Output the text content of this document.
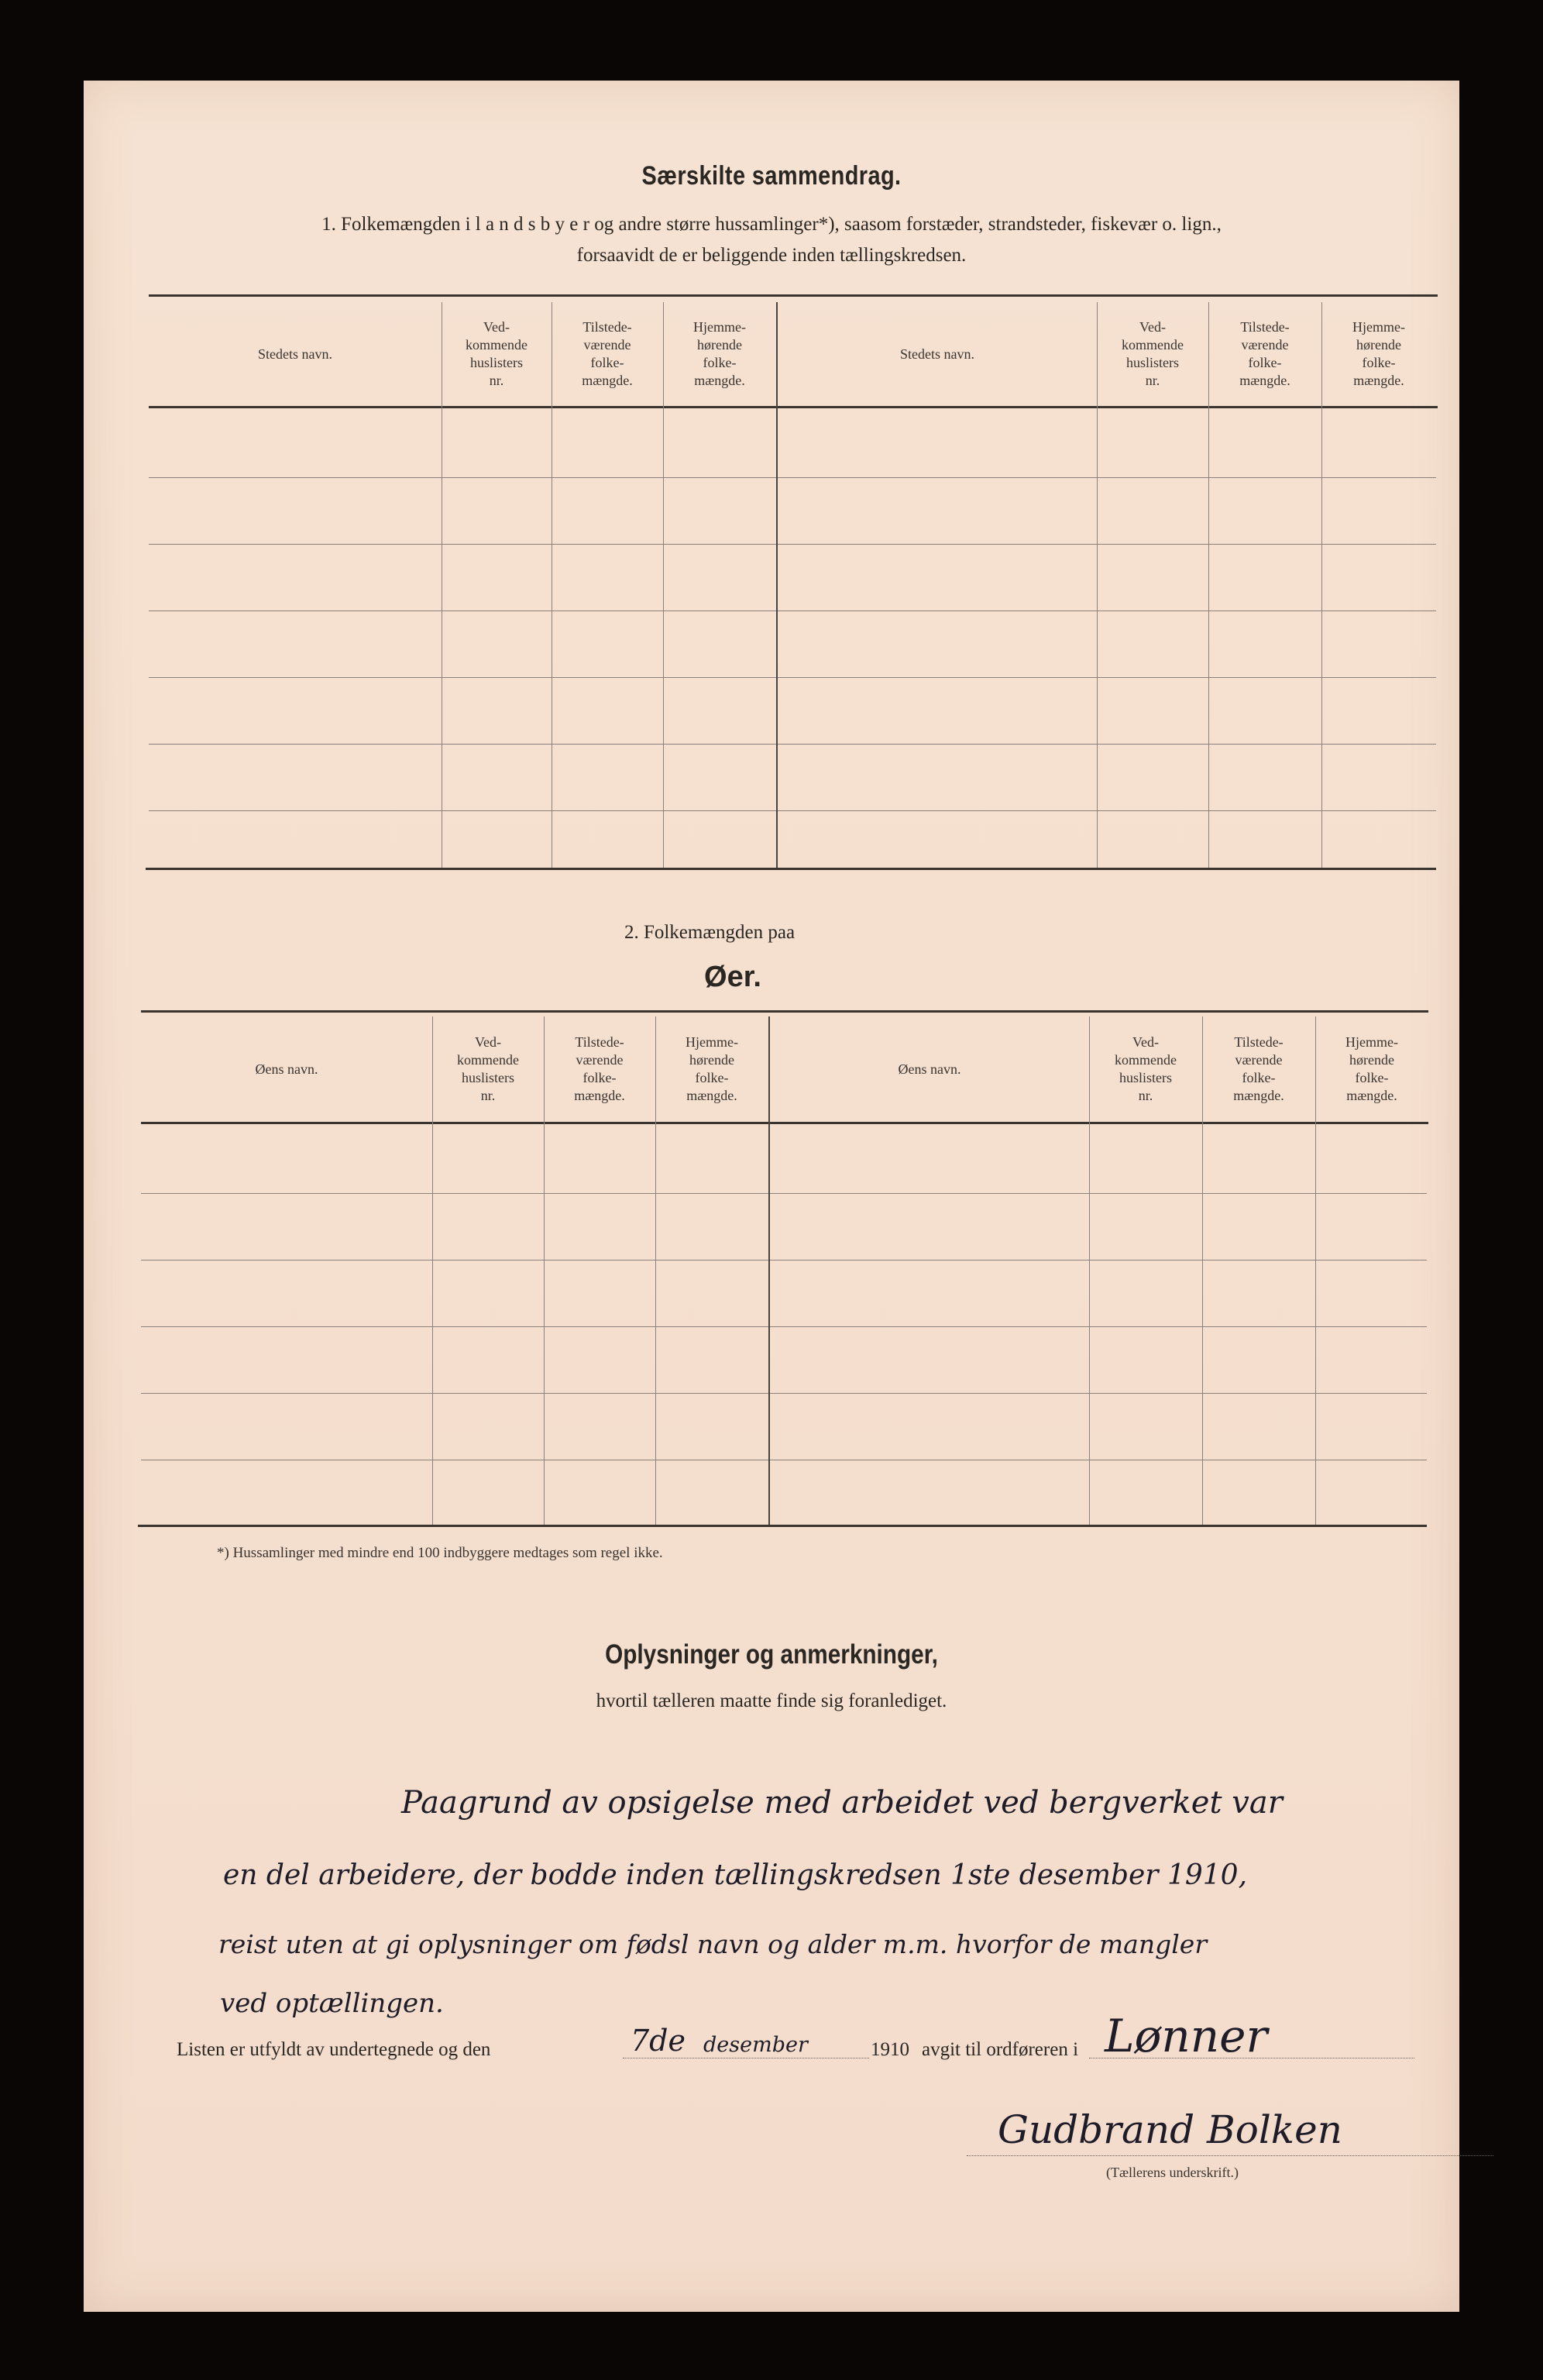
Særskilte sammendrag.
1. Folkemængden i l a n d s b y e r og andre større hussamlinger*), saasom forstæder, strandsteder, fiskevær o. lign.,
forsaavidt de er beliggende inden tællingskredsen.
Stedets navn.
Ved-
kommende
huslisters
nr.
Tilstede-
værende
folke-
mængde.
Hjemme-
hørende
folke-
mængde.
Stedets navn.
Ved-
kommende
huslisters
nr.
Tilstede-
værende
folke-
mængde.
Hjemme-
hørende
folke-
mængde.
2. Folkemængden paa
Øer.
Øens navn.
Ved-
kommende
huslisters
nr.
Tilstede-
værende
folke-
mængde.
Hjemme-
hørende
folke-
mængde.
Øens navn.
Ved-
kommende
huslisters
nr.
Tilstede-
værende
folke-
mængde.
Hjemme-
hørende
folke-
mængde.
*) Hussamlinger med mindre end 100 indbyggere medtages som regel ikke.
Oplysninger og anmerkninger,
hvortil tælleren maatte finde sig foranlediget.
Paagrund av opsigelse med arbeidet ved bergverket var
en del arbeidere, der bodde inden tællingskredsen 1ste desember 1910,
reist uten at gi oplysninger om fødsl navn og alder m.m. hvorfor de mangler
ved optællingen.
Listen er utfyldt av undertegnede og den	7de desember	1910 avgit til ordføreren i Lønner
Gudbrand Bolken
(Tællerens underskrift.)
